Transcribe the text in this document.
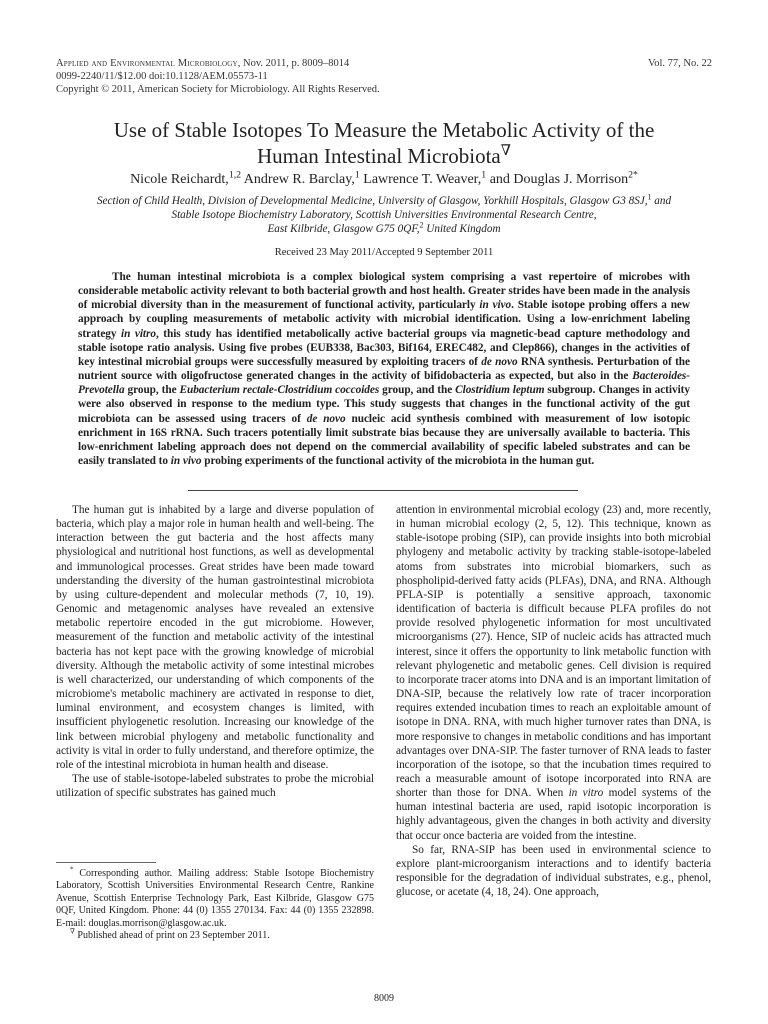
Applied and Environmental Microbiology, Nov. 2011, p. 8009–8014
0099-2240/11/$12.00 doi:10.1128/AEM.05573-11
Copyright © 2011, American Society for Microbiology. All Rights Reserved.
Vol. 77, No. 22
Use of Stable Isotopes To Measure the Metabolic Activity of the
Human Intestinal Microbiota∇
Nicole Reichardt,$^{1,2}$ Andrew R. Barclay,$^1$ Lawrence T. Weaver,$^1$ and Douglas J. Morrison$^{2*}$
Section of Child Health, Division of Developmental Medicine, University of Glasgow, Yorkhill Hospitals, Glasgow G3 8SJ,$^1$ and
Stable Isotope Biochemistry Laboratory, Scottish Universities Environmental Research Centre,
East Kilbride, Glasgow G75 0QF,$^2$ United Kingdom
Received 23 May 2011/Accepted 9 September 2011
The human intestinal microbiota is a complex biological system comprising a vast repertoire of microbes with considerable metabolic activity relevant to both bacterial growth and host health. Greater strides have been made in the analysis of microbial diversity than in the measurement of functional activity, particularly in vivo. Stable isotope probing offers a new approach by coupling measurements of metabolic activity with microbial identification. Using a low-enrichment labeling strategy in vitro, this study has identified metabolically active bacterial groups via magnetic-bead capture methodology and stable isotope ratio analysis. Using five probes (EUB338, Bac303, Bif164, EREC482, and Clep866), changes in the activities of key intestinal microbial groups were successfully measured by exploiting tracers of de novo RNA synthesis. Perturbation of the nutrient source with oligofructose generated changes in the activity of bifidobacteria as expected, but also in the Bacteroides-Prevotella group, the Eubacterium rectale-Clostridium coccoides group, and the Clostridium leptum subgroup. Changes in activity were also observed in response to the medium type. This study suggests that changes in the functional activity of the gut microbiota can be assessed using tracers of de novo nucleic acid synthesis combined with measurement of low isotopic enrichment in 16S rRNA. Such tracers potentially limit substrate bias because they are universally available to bacteria. This low-enrichment labeling approach does not depend on the commercial availability of specific labeled substrates and can be easily translated to in vivo probing experiments of the functional activity of the microbiota in the human gut.

The human gut is inhabited by a large and diverse population of bacteria, which play a major role in human health and well-being. The interaction between the gut bacteria and the host affects many physiological and nutritional host functions, as well as developmental and immunological processes. Great strides have been made toward understanding the diversity of the human gastrointestinal microbiota by using culture-dependent and molecular methods (7, 10, 19). Genomic and metagenomic analyses have revealed an extensive metabolic repertoire encoded in the gut microbiome. However, measurement of the function and metabolic activity of the intestinal bacteria has not kept pace with the growing knowledge of microbial diversity. Although the metabolic activity of some intestinal microbes is well characterized, our understanding of which components of the microbiome's metabolic machinery are activated in response to diet, luminal environment, and ecosystem changes is limited, with insufficient phylogenetic resolution. Increasing our knowledge of the link between microbial phylogeny and metabolic functionality and activity is vital in order to fully understand, and therefore optimize, the role of the intestinal microbiota in human health and disease.

The use of stable-isotope-labeled substrates to probe the microbial utilization of specific substrates has gained much

* Corresponding author. Mailing address: Stable Isotope Biochemistry Laboratory, Scottish Universities Environmental Research Centre, Rankine Avenue, Scottish Enterprise Technology Park, East Kilbride, Glasgow G75 0QF, United Kingdom. Phone: 44 (0) 1355 270134. Fax: 44 (0) 1355 232898. E-mail: douglas.morrison@glasgow.ac.uk.

∇ Published ahead of print on 23 September 2011.

attention in environmental microbial ecology (23) and, more recently, in human microbial ecology (2, 5, 12). This technique, known as stable-isotope probing (SIP), can provide insights into both microbial phylogeny and metabolic activity by tracking stable-isotope-labeled atoms from substrates into microbial biomarkers, such as phospholipid-derived fatty acids (PLFAs), DNA, and RNA. Although PFLA-SIP is potentially a sensitive approach, taxonomic identification of bacteria is difficult because PLFA profiles do not provide resolved phylogenetic information for most uncultivated microorganisms (27). Hence, SIP of nucleic acids has attracted much interest, since it offers the opportunity to link metabolic function with relevant phylogenetic and metabolic genes. Cell division is required to incorporate tracer atoms into DNA and is an important limitation of DNA-SIP, because the relatively low rate of tracer incorporation requires extended incubation times to reach an exploitable amount of isotope in DNA. RNA, with much higher turnover rates than DNA, is more responsive to changes in metabolic conditions and has important advantages over DNA-SIP. The faster turnover of RNA leads to faster incorporation of the isotope, so that the incubation times required to reach a measurable amount of isotope incorporated into RNA are shorter than those for DNA. When in vitro model systems of the human intestinal bacteria are used, rapid isotopic incorporation is highly advantageous, given the changes in both activity and diversity that occur once bacteria are voided from the intestine.

So far, RNA-SIP has been used in environmental science to explore plant-microorganism interactions and to identify bacteria responsible for the degradation of individual substrates, e.g., phenol, glucose, or acetate (4, 18, 24). One approach,

8009
